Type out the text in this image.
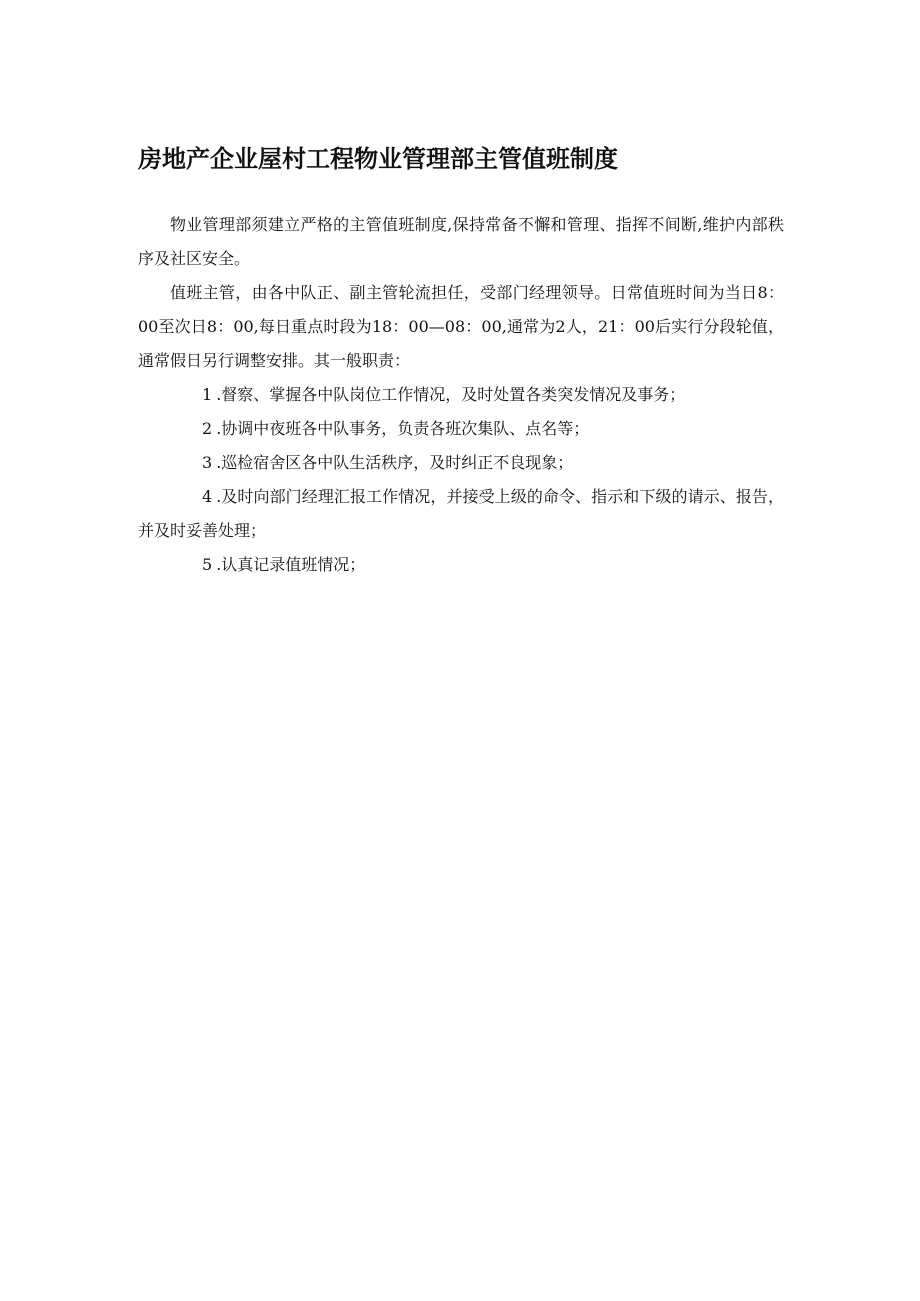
房地产企业屋村工程物业管理部主管值班制度

物业管理部须建立严格的主管值班制度,保持常备不懈和管理、指挥不间断,维护内部秩序及社区安全。

值班主管，由各中队正、副主管轮流担任，受部门经理领导。日常值班时间为当日8：00至次日8：00,每日重点时段为18：00—08：00,通常为2人，21：00后实行分段轮值，通常假日另行调整安排。其一般职责：

1 .督察、掌握各中队岗位工作情况，及时处置各类突发情况及事务；

2 .协调中夜班各中队事务，负责各班次集队、点名等；

3 .巡检宿舍区各中队生活秩序，及时纠正不良现象；

4 .及时向部门经理汇报工作情况，并接受上级的命令、指示和下级的请示、报告，并及时妥善处理；

5 .认真记录值班情况；
